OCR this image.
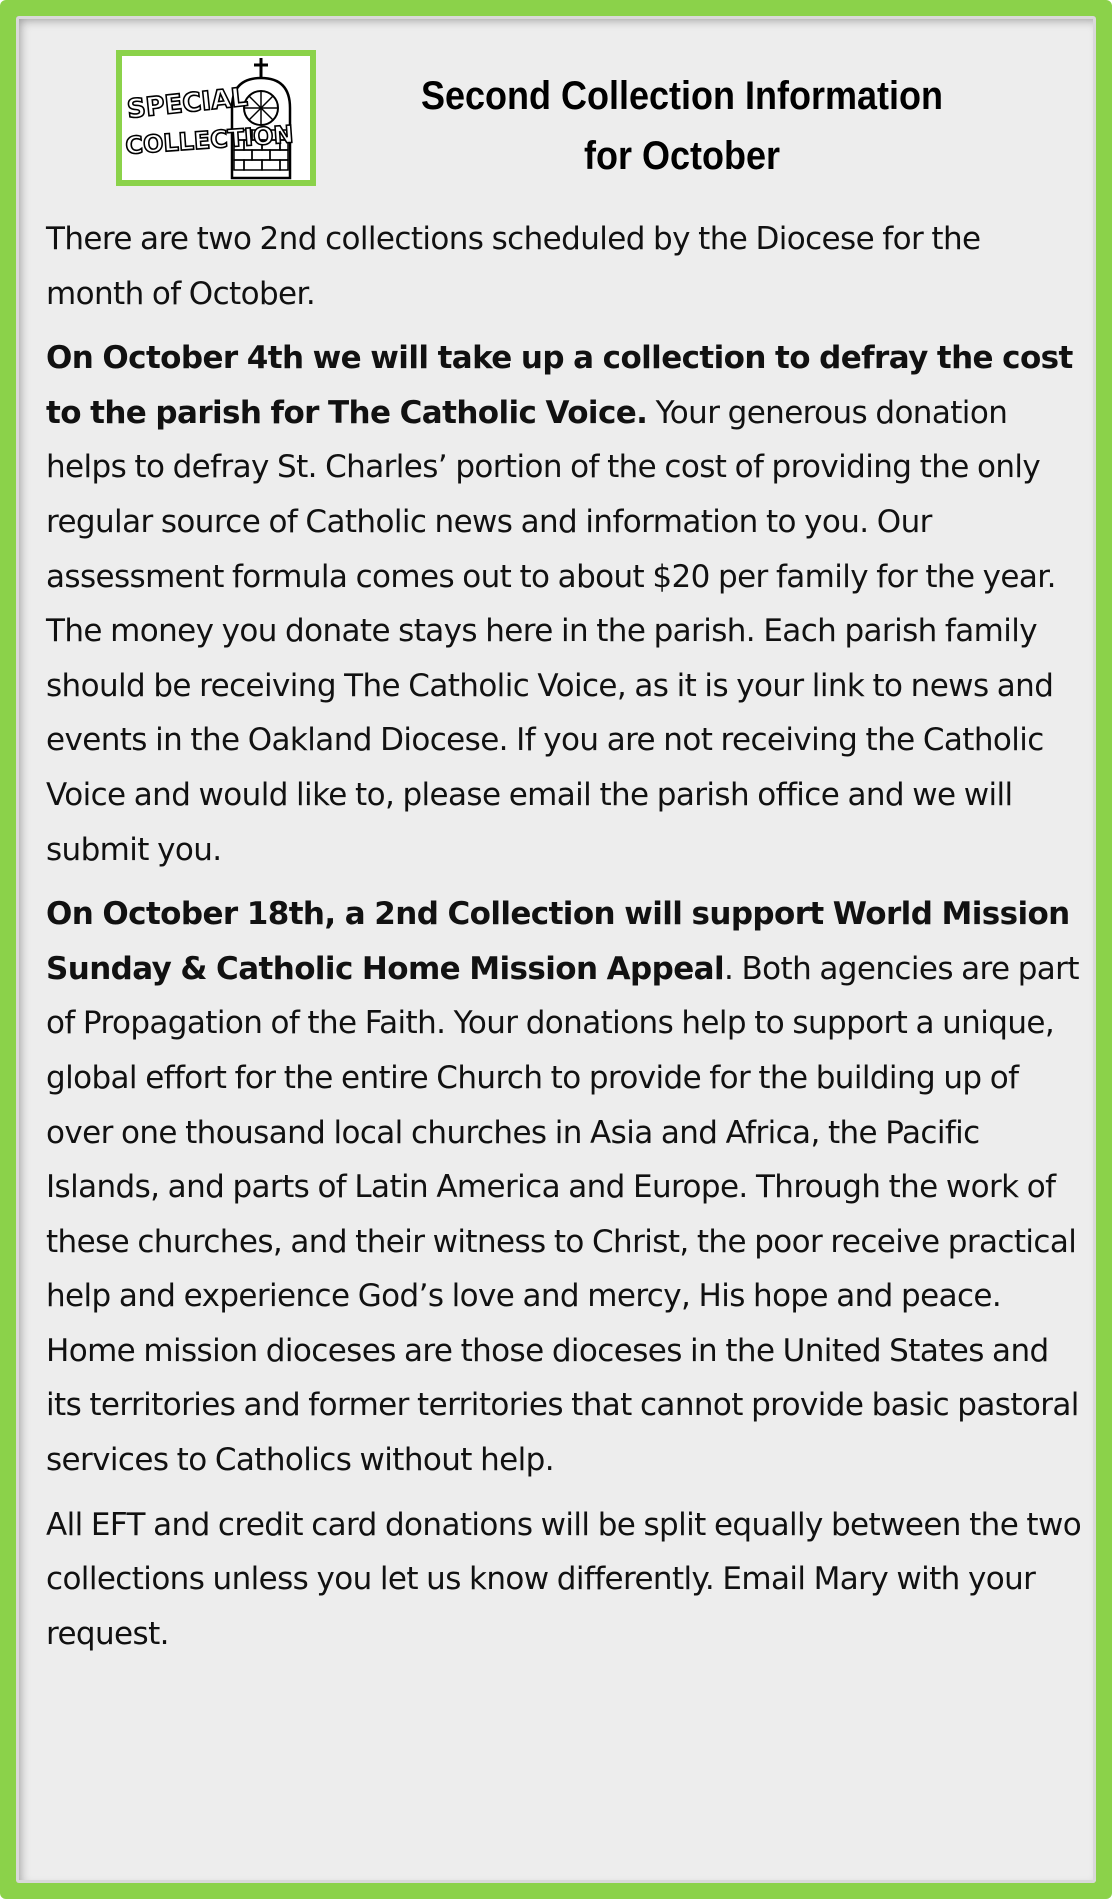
SPECIAL
COLLECTION
Second Collection Information
for October

There are two 2nd collections scheduled by the Diocese for the month of October.

On October 4th we will take up a collection to defray the cost to the parish for The Catholic Voice. Your generous donation helps to defray St. Charles’ portion of the cost of providing the only regular source of Catholic news and information to you. Our assessment formula comes out to about $20 per family for the year. The money you donate stays here in the parish. Each parish family should be receiving The Catholic Voice, as it is your link to news and events in the Oakland Diocese. If you are not receiving the Catholic Voice and would like to, please email the parish office and we will submit you.

On October 18th, a 2nd Collection will support World Mission Sunday & Catholic Home Mission Appeal. Both agencies are part of Propagation of the Faith. Your donations help to support a unique, global effort for the entire Church to provide for the building up of over one thousand local churches in Asia and Africa, the Pacific Islands, and parts of Latin America and Europe. Through the work of these churches, and their witness to Christ, the poor receive practical help and experience God’s love and mercy, His hope and peace. Home mission dioceses are those dioceses in the United States and its territories and former territories that cannot provide basic pastoral services to Catholics without help.

All EFT and credit card donations will be split equally between the two collections unless you let us know differently. Email Mary with your request.
